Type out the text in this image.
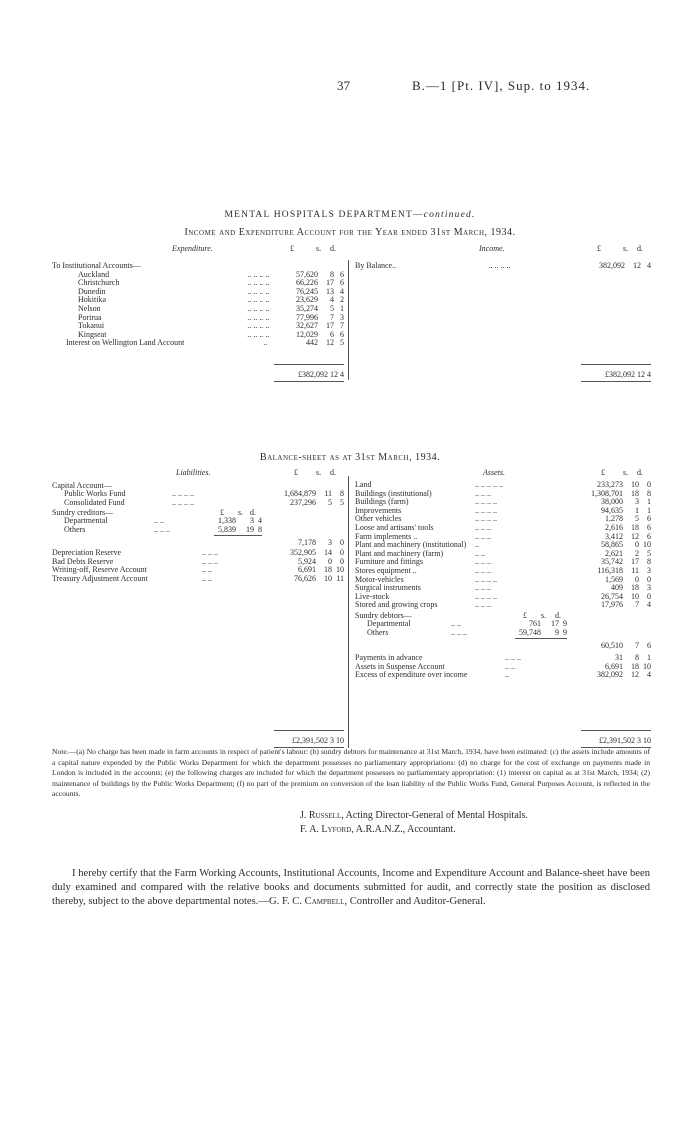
37	B.—1 [Pt. IV], Sup. to 1934.
MENTAL HOSPITALS DEPARTMENT—continued.
Income and Expenditure Account for the Year ended 31st March, 1934.
Expenditure.	£	s. d.
To Institutional Accounts—				
Auckland	.. .. .. ..	57,620	8	6
Christchurch	.. .. .. ..	66,226	17	6
Dunedin	.. .. .. ..	76,245	13	4
Hokitika	.. .. .. ..	23,629	4	2
Nelson	.. .. .. ..	35,274	5	1
Porirua	.. .. .. ..	77,996	7	3
Tokanui	.. .. .. ..	32,627	17	7
Kingseat	.. .. .. ..	12,029	6	6
Interest on Wellington Land Account	..	442	12	5
£382,092 12 4
Income.	£	s. d.
By Balance..	.. .. .. ..	382,092	12	4
£382,092 12 4
Balance-sheet as at 31st March, 1934.
Liabilities.	£ s. d.
Capital Account—
Public Works Fund	.. .. .. ..	1,684,879 11 8
Consolidated Fund	.. .. .. ..	237,296 5 5
Sundry creditors—	£ s. d.
Departmental	.. ..	1,338 3 4
Others	.. .. ..	5,839 19 8
7,178 3 0
Depreciation Reserve	.. .. ..	352,905 14 0
Bad Debts Reserve	.. .. ..	5,924 0 0
Writing-off, Reserve Account	.. ..	6,691 18 10
Treasury Adjustment Account	.. ..	76,626 10 11
£2,391,502 3 10
Assets.	£ s. d.
Land	.. .. .. .. ..	233,273 10 0
Buildings (institutional)	.. .. ..	1,308,701 18 8
Buildings (farm)	.. .. .. ..	38,000 3 1
Improvements	.. .. .. ..	94,635 1 1
Other vehicles	.. .. .. ..	1,278 5 6
Loose and artisans' tools	.. .. ..	2,616 18 6
Farm implements ..	.. .. ..	3,412 12 6
Plant and machinery (institutional) ..	58,865 0 10
Plant and machinery (farm)	.. ..	2,621 2 5
Furniture and fittings	.. .. ..	35,742 17 8
Stores equipment ..	.. .. ..	116,318 11 3
Motor-vehicles	.. .. .. ..	1,569 0 0
Surgical instruments	.. .. ..	409 18 3
Live-stock	.. .. .. ..	26,754 10 0
Stored and growing crops	.. .. ..	17,976 7 4
Sundry debtors—	£ s. d.
Departmental	.. ..	761 17 9
Others	.. .. ..	59,748 9 9
60,510 7 6
Payments in advance	.. .. ..	31 8 1
Assets in Suspense Account	.. ..	6,691 18 10
Excess of expenditure over income	..	382,092 12 4
£2,391,502 3 10
Note.—(a) No charge has been made in farm accounts in respect of patient's labour: (b) sundry debtors for maintenance at 31st March, 1934, have been estimated: (c) the assets include amounts of a capital nature expended by the Public Works Department for which the department possesses no parliamentary appropriations: (d) no charge for the cost of exchange on payments made in London is included in the accounts; (e) the following charges are included for which the department possesses no parliamentary appropriation: (1) interest on capital as at 31st March, 1934; (2) maintenance of buildings by the Public Works Department; (f) no part of the premium on conversion of the loan liability of the Public Works Fund, General Purposes Account, is reflected in the accounts.
J. Russell, Acting Director-General of Mental Hospitals.
F. A. Lyford, A.R.A.N.Z., Accountant.
I hereby certify that the Farm Working Accounts, Institutional Accounts, Income and Expenditure Account and Balance-sheet have been duly examined and compared with the relative books and documents submitted for audit, and correctly state the position as disclosed thereby, subject to the above departmental notes.—G. F. C. Campbell, Controller and Auditor-General.
